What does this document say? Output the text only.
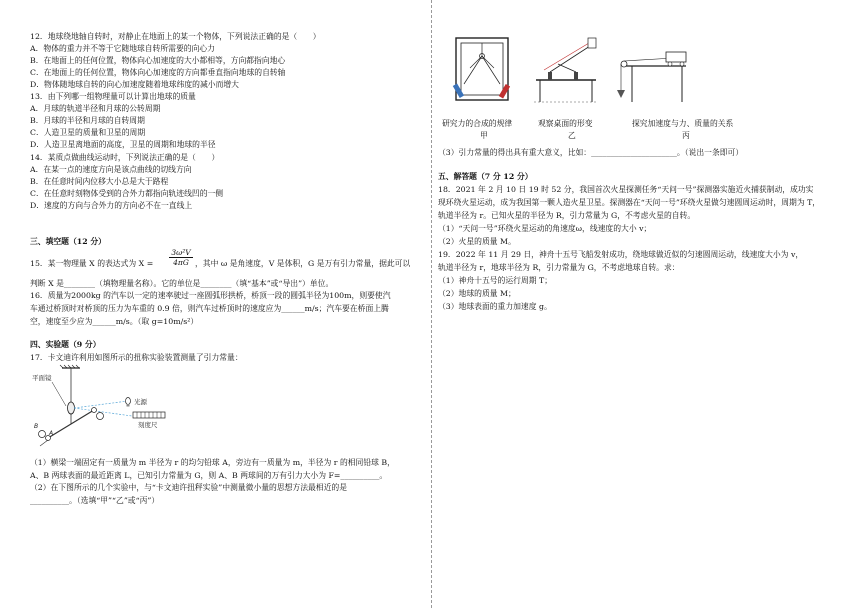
12．地球绕地轴自转时，对静止在地面上的某一个物体，下列说法正确的是（　　）
A．物体的重力并不等于它随地球自转所需要的向心力
B．在地面上的任何位置，物体向心加速度的大小都相等，方向都指向地心
C．在地面上的任何位置，物体向心加速度的方向都垂直指向地球的自转轴
D．物体随地球自转的向心加速度随着地球纬度的减小而增大
13．由下列哪一组物理量可以计算出地球的质量
A．月球的轨道半径和月球的公转周期
B．月球的半径和月球的自转周期
C．人造卫星的质量和卫星的周期
D．人造卫星离地面的高度，卫星的周期和地球的半径
14．某质点做曲线运动时，下列说法正确的是（　　）
A．在某一点的速度方向是该点曲线的切线方向
B．在任意时间内位移大小总是大于路程
C．在任意时刻物体受到的合外力都指向轨迹线凹的一侧
D．速度的方向与合外力的方向必不在一直线上
三、填空题（12 分）
15．某一物理量 X 的表达式为 $X = \frac{\text{3ω²V}}{4\pi G}$ ，其中 ω 是角速度，V 是体积，G 是万有引力常量，据此可以
判断 X 是________（填物理量名称）。它的单位是________（填“基本”或“导出”）单位。
16．质量为2000kg 的汽车以一定的速率驶过一座圆弧形拱桥，桥顶一段的圆弧半径为100m，则要使汽
车通过桥顶时对桥顶的压力为车重的 0.9 倍，则汽车过桥顶时的速度应为______m/s；汽车要在桥面上腾
空，速度至少应为______m/s。（取 g=10m/s²）
四、实验题（9 分）
17．卡文迪许利用如图所示的扭称实验装置测量了引力常量：
平面镜
光源
刻度尺
B
A
（1）横梁一端固定有一质量为 m 半径为 r 的均匀铅球 A，旁边有一质量为 m，半径为 r 的相同铅球 B，
A、B 两球表面的最近距离 L，已知引力常量为 G，则 A、B 两球间的万有引力大小为 F=__________。
（2）在下图所示的几个实验中，与“卡文迪许扭秤实验”中测量微小量的思想方法最相近的是
__________。（选填“甲”“乙”或“丙”）
研究力的合成的规律
甲
观察桌面的形变
乙
探究加速度与力、质量的关系
丙
（3）引力常量的得出具有重大意义，比如：______________________。（说出一条即可）
五、解答题（7 分 12 分）
18．2021 年 2 月 10 日 19 时 52 分，我国首次火星探测任务“天问一号”探测器实施近火捕获制动，成功实
现环绕火星运动，成为我国第一颗人造火星卫星。探测器在“天问一号”环绕火星做匀速圆周运动时，周期为 T，
轨道半径为 r。已知火星的半径为 R，引力常量为 G，不考虑火星的自转。
（1）“天问一号”环绕火星运动的角速度ω，线速度的大小 v；
（2）火星的质量 M。
19．2022 年 11 月 29 日，神舟十五号飞船发射成功，绕地球做近似的匀速圆周运动，线速度大小为 v，
轨道半径为 r，地球半径为 R，引力常量为 G，不考虑地球自转。求：
（1）神舟十五号的运行周期 T；
（2）地球的质量 M；
（3）地球表面的重力加速度 g。
